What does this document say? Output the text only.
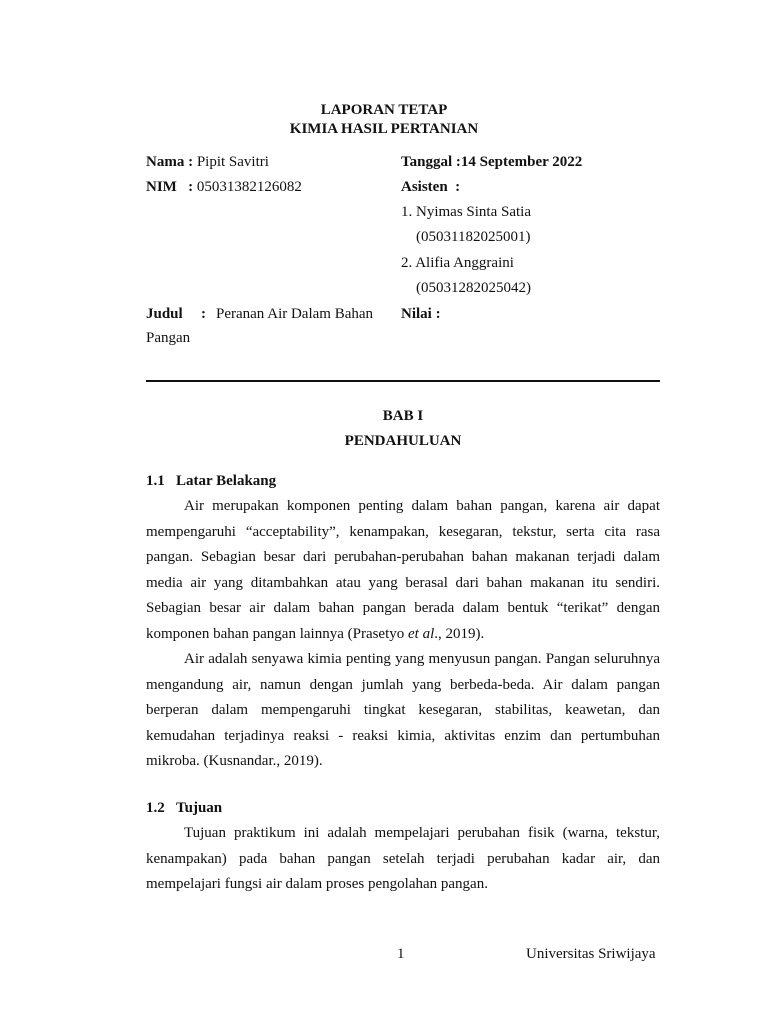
LAPORAN TETAP
KIMIA HASIL PERTANIAN
Nama : Pipit Savitri
NIM   : 05031382126082
Tanggal :14 September 2022
Asisten  :
1. Nyimas Sinta Satia
(05031182025001)
2. Alifia Anggraini
(05031282025042)
Judul : Peranan Air Dalam Bahan
Pangan
Nilai :
BAB I
PENDAHULUAN
1.1 Latar Belakang

Air merupakan komponen penting dalam bahan pangan, karena air dapat mempengaruhi “acceptability”, kenampakan, kesegaran, tekstur, serta cita rasa pangan. Sebagian besar dari perubahan-perubahan bahan makanan terjadi dalam media air yang ditambahkan atau yang berasal dari bahan makanan itu sendiri. Sebagian besar air dalam bahan pangan berada dalam bentuk “terikat” dengan komponen bahan pangan lainnya (Prasetyo et al., 2019).

Air adalah senyawa kimia penting yang menyusun pangan. Pangan seluruhnya mengandung air, namun dengan jumlah yang berbeda-beda. Air dalam pangan berperan dalam mempengaruhi tingkat kesegaran, stabilitas, keawetan, dan kemudahan terjadinya reaksi - reaksi kimia, aktivitas enzim dan pertumbuhan mikroba. (Kusnandar., 2019).

1.2 Tujuan

Tujuan praktikum ini adalah mempelajari perubahan fisik (warna, tekstur, kenampakan) pada bahan pangan setelah terjadi perubahan kadar air, dan mempelajari fungsi air dalam proses pengolahan pangan.

1	Universitas Sriwijaya
